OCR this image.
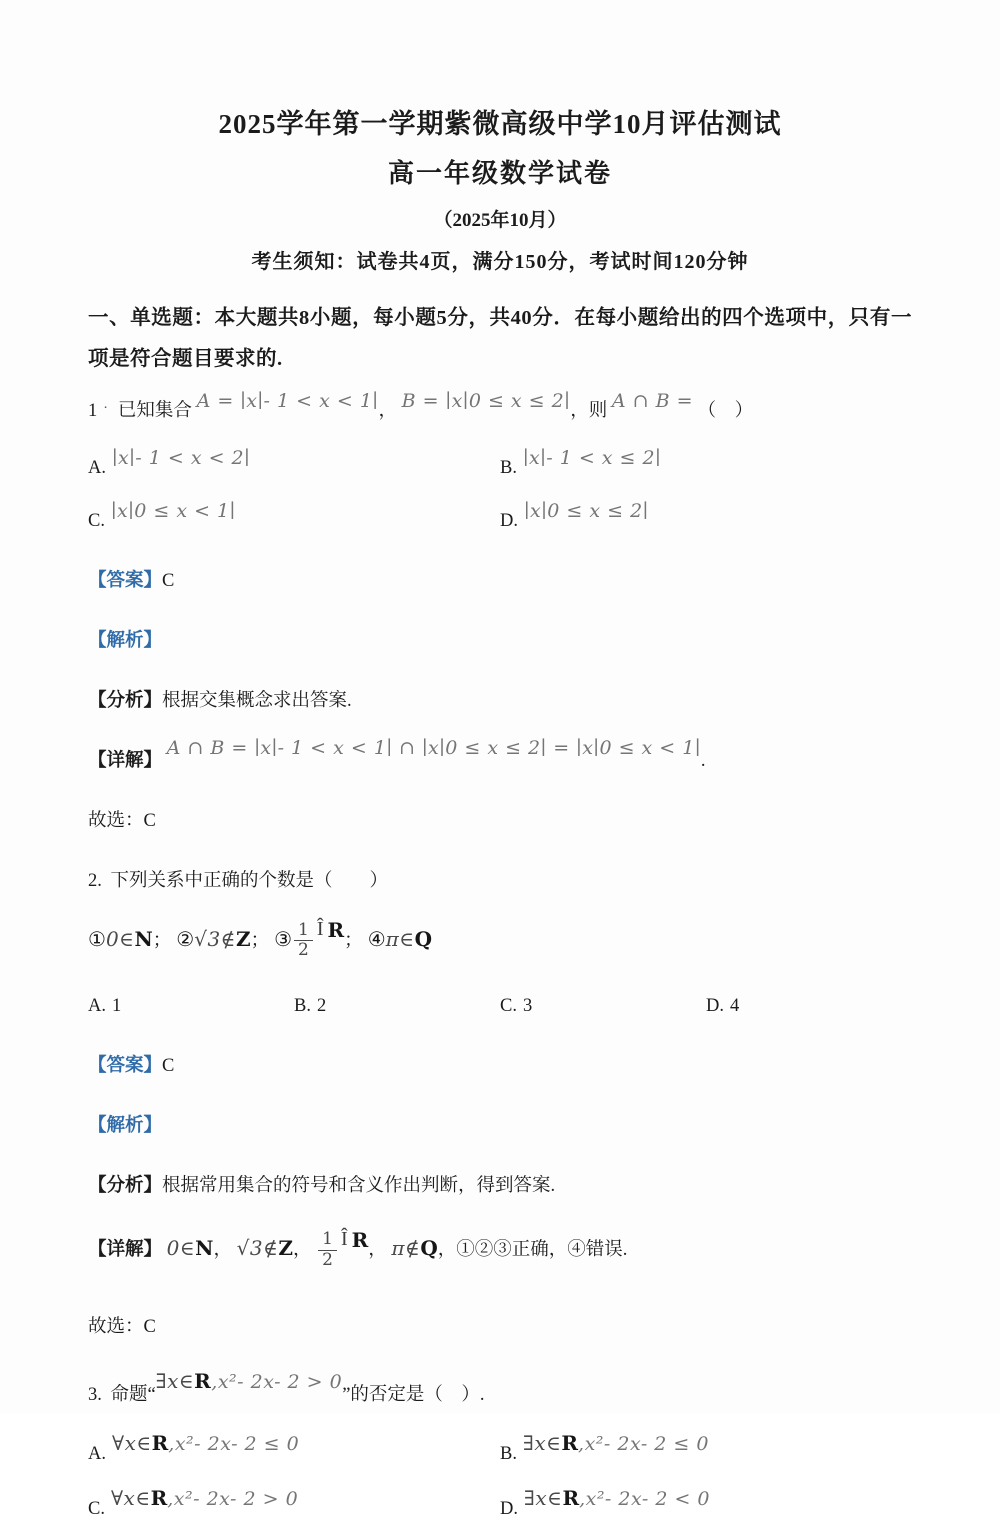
2025学年第一学期紫微高级中学10月评估测试
高一年级数学试卷
（2025年10月）
考生须知：试卷共4页，满分150分，考试时间120分钟

一、单选题：本大题共8小题，每小题5分，共40分．在每小题给出的四个选项中，只有一项是符合题目要求的.

1 · 已知集合 A = ∣x∣- 1 < x < 1∣， B = ∣x∣0 ≤ x ≤ 2∣，则 A ∩ B = （　）
A. ∣x∣- 1 < x < 2∣	B. ∣x∣- 1 < x ≤ 2∣
C. ∣x∣0 ≤ x < 1∣	D. ∣x∣0 ≤ x ≤ 2∣
【答案】C
【解析】
【分析】根据交集概念求出答案.
【详解】 A ∩ B = ∣x∣- 1 < x < 1∣ ∩ ∣x∣0 ≤ x ≤ 2∣ = ∣x∣0 ≤ x < 1∣.
故选：C
2. 下列关系中正确的个数是（　　）
①0∈N； ②√3∉Z； ③ $\frac{1}{2}$ Î R； ④π∈Q
A. 1	B. 2	C. 3	D. 4
【答案】C
【解析】
【分析】根据常用集合的符号和含义作出判断，得到答案.
【详解】 0∈N， √3∉Z， $\frac{1}{2}$ Î R， π∉Q，①②③正确，④错误.
故选：C
3. 命题“∃x∈R,x²- 2x- 2 > 0”的否定是（　）.
A. ∀x∈R,x²- 2x- 2 ≤ 0	B. ∃x∈R,x²- 2x- 2 ≤ 0
C. ∀x∈R,x²- 2x- 2 > 0	D. ∃x∈R,x²- 2x- 2 < 0
